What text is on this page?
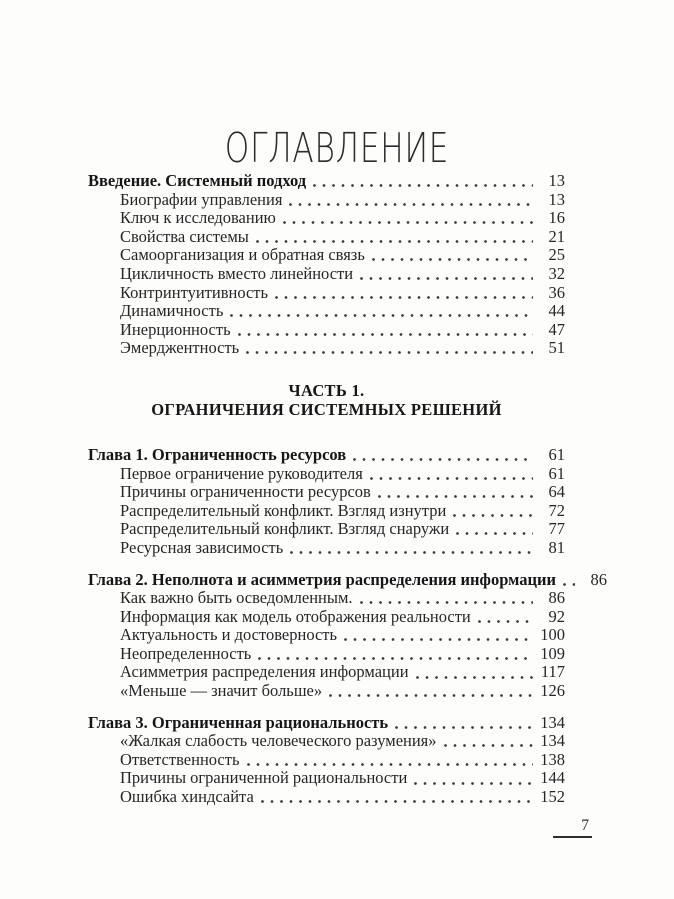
ОГЛАВЛЕНИЕ
Введение. Системный подход	13
Биографии управления	13
Ключ к исследованию	16
Свойства системы	21
Самоорганизация и обратная связь	25
Цикличность вместо линейности	32
Контринтуитивность	36
Динамичность	44
Инерционность	47
Эмерджентность	51
ЧАСТЬ 1.
ОГРАНИЧЕНИЯ СИСТЕМНЫХ РЕШЕНИЙ
Глава 1. Ограниченность ресурсов	61
Первое ограничение руководителя	61
Причины ограниченности ресурсов	64
Распределительный конфликт. Взгляд изнутри	72
Распределительный конфликт. Взгляд снаружи	77
Ресурсная зависимость	81
Глава 2. Неполнота и асимметрия распределения информации	86
Как важно быть осведомленным.	86
Информация как модель отображения реальности	92
Актуальность и достоверность	100
Неопределенность	109
Асимметрия распределения информации	117
«Меньше — значит больше»	126
Глава 3. Ограниченная рациональность	134
«Жалкая слабость человеческого разумения»	134
Ответственность	138
Причины ограниченной рациональности	144
Ошибка хиндсайта	152
7
